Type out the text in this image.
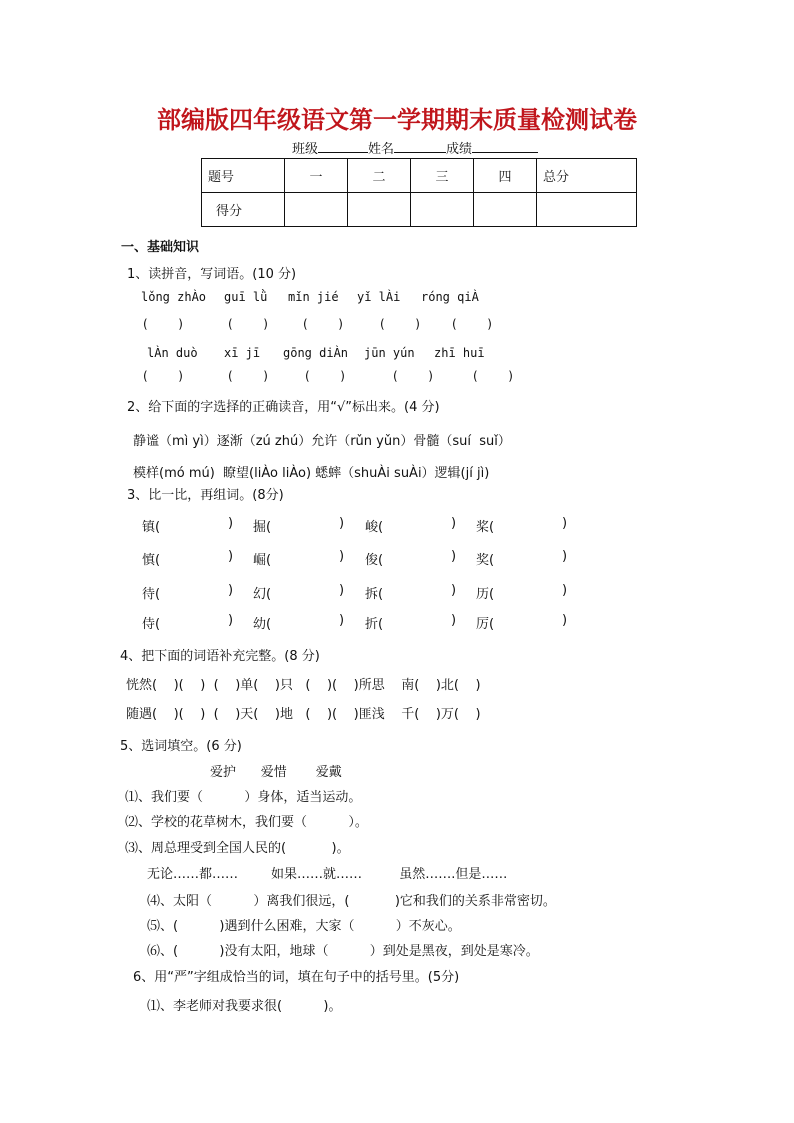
部编版四年级语文第一学期期末质量检测试卷
班级	姓名	成绩
题号	一	二	三	四	总分
得分					
一、基础知识
1、读拼音，写词语。(10 分)
lǒng zhÀo guī lǜ mǐn jié yǐ lÀi róng qiÀ
(        )	(        )	(        )	(        )	(        )
lÀn duò xī jī gōng diÀn jūn yún zhī huī
(        )	(        )	(        )	(        )	(        )
2、给下面的字选择的正确读音，用“√”标出来。(4 分)
静谧（mì yì）逐渐（zú zhú）允许（rǔn yǔn）骨髓（suí  suǐ）
模样(mó mú)  瞭望(liÀo liÀo) 蟋蟀（shuÀi suÀi）逻辑(jí jì)
3、比一比，再组词。(8分)
镇(	) 掘(	) 峻(	) 桨(	)
慎(	) 崛(	) 俊(	) 奖(	)
待(	) 幻(	) 拆(	) 历(	)
侍(	) 幼(	) 折(	) 厉(	)
4、把下面的词语补充完整。(8 分)
恍然(    )(    )  (    )单(    )只   (    )(    )所思    南(    )北(    )
随遇(    )(    )  (    )天(    )地   (    )(    )匪浅    千(    )万(    )
5、选词填空。(6 分)
爱护      爱惜       爱戴
⑴、我们要（          ）身体，适当运动。
⑵、学校的花草树木，我们要（          ）。
⑶、周总理受到全国人民的(           )。
无论……都……        如果……就……         虽然…….但是……
⑷、太阳（          ）离我们很远，(           )它和我们的关系非常密切。
⑸、(          )遇到什么困难，大家（          ）不灰心。
⑹、(          )没有太阳，地球（          ）到处是黑夜，到处是寒冷。
6、用“严”字组成恰当的词，填在句子中的括号里。(5分)
⑴、李老师对我要求很(          )。
